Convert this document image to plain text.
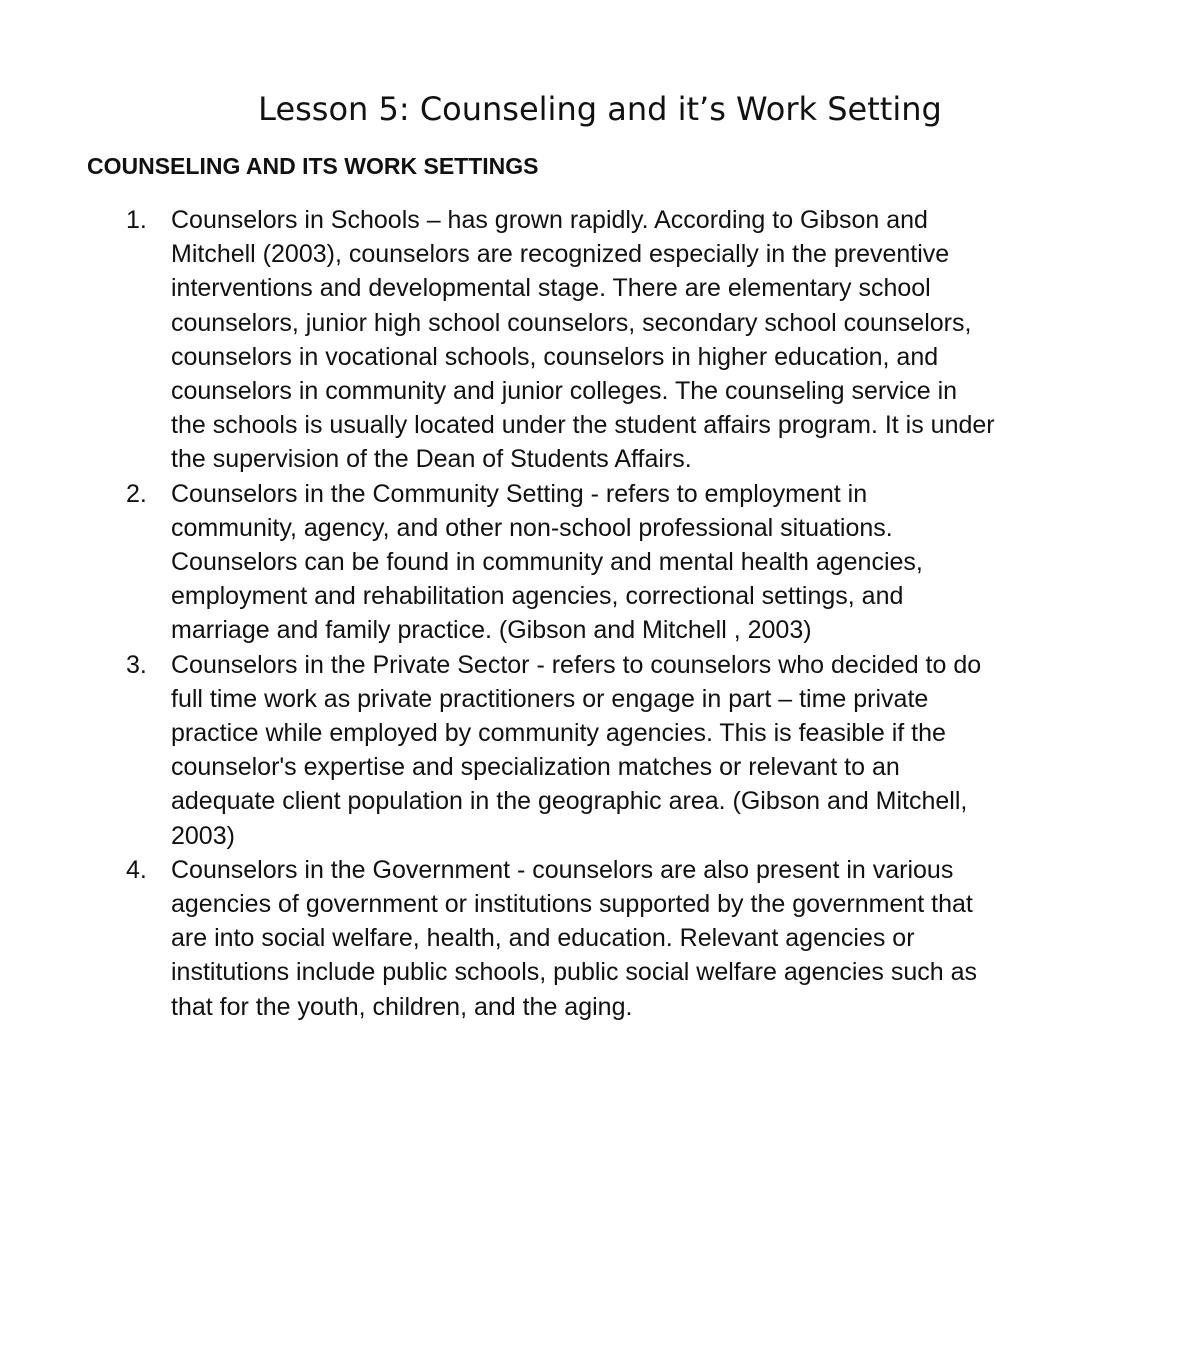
Lesson 5: Counseling and it’s Work Setting
COUNSELING AND ITS WORK SETTINGS
1. Counselors in Schools – has grown rapidly. According to Gibson and
Mitchell (2003), counselors are recognized especially in the preventive
interventions and developmental stage. There are elementary school
counselors, junior high school counselors, secondary school counselors,
counselors in vocational schools, counselors in higher education, and
counselors in community and junior colleges. The counseling service in
the schools is usually located under the student affairs program. It is under
the supervision of the Dean of Students Affairs.
2. Counselors in the Community Setting - refers to employment in
community, agency, and other non-school professional situations.
Counselors can be found in community and mental health agencies,
employment and rehabilitation agencies, correctional settings, and
marriage and family practice. (Gibson and Mitchell , 2003)
3. Counselors in the Private Sector - refers to counselors who decided to do
full time work as private practitioners or engage in part – time private
practice while employed by community agencies. This is feasible if the
counselor's expertise and specialization matches or relevant to an
adequate client population in the geographic area. (Gibson and Mitchell,
2003)
4. Counselors in the Government - counselors are also present in various
agencies of government or institutions supported by the government that
are into social welfare, health, and education. Relevant agencies or
institutions include public schools, public social welfare agencies such as
that for the youth, children, and the aging.
